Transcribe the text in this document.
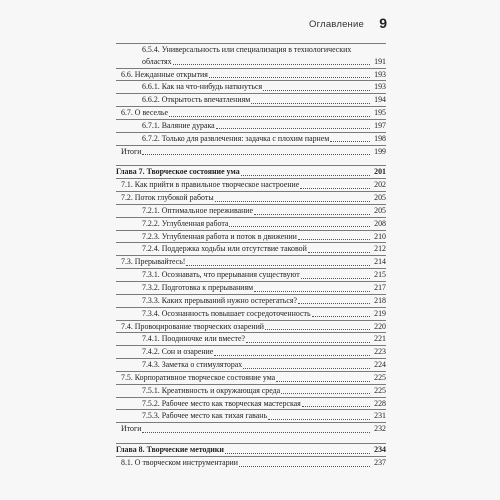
Оглавление 9
6.5.4. Универсальность или специализация в технологических областях	191
6.6. Нежданные открытия	193
6.6.1. Как на что-нибудь наткнуться	193
6.6.2. Открытость впечатлениям	194
6.7. О веселье	195
6.7.1. Валяние дурака	197
6.7.2. Только для развлечения: задачка с плохим парнем	198
Итоги	199
Глава 7. Творческое состояние ума	201
7.1. Как прийти в правильное творческое настроение	202
7.2. Поток глубокой работы	205
7.2.1. Оптимальное переживание	205
7.2.2. Углубленная работа	208
7.2.3. Углубленная работа и поток в движении	210
7.2.4. Поддержка ходьбы или отсутствие таковой	212
7.3. Прерывайтесь!	214
7.3.1. Осознавать, что прерывания существуют	215
7.3.2. Подготовка к прерываниям	217
7.3.3. Каких прерываний нужно остерегаться?	218
7.3.4. Осознанность повышает сосредоточенность	219
7.4. Провоцирование творческих озарений	220
7.4.1. Поодиночке или вместе?	221
7.4.2. Сон и озарение	223
7.4.3. Заметка о стимуляторах	224
7.5. Корпоративное творческое состояние ума	225
7.5.1. Креативность и окружающая среда	225
7.5.2. Рабочее место как творческая мастерская	228
7.5.3. Рабочее место как тихая гавань	231
Итоги	232
Глава 8. Творческие методики	234
8.1. О творческом инструментарии	237
